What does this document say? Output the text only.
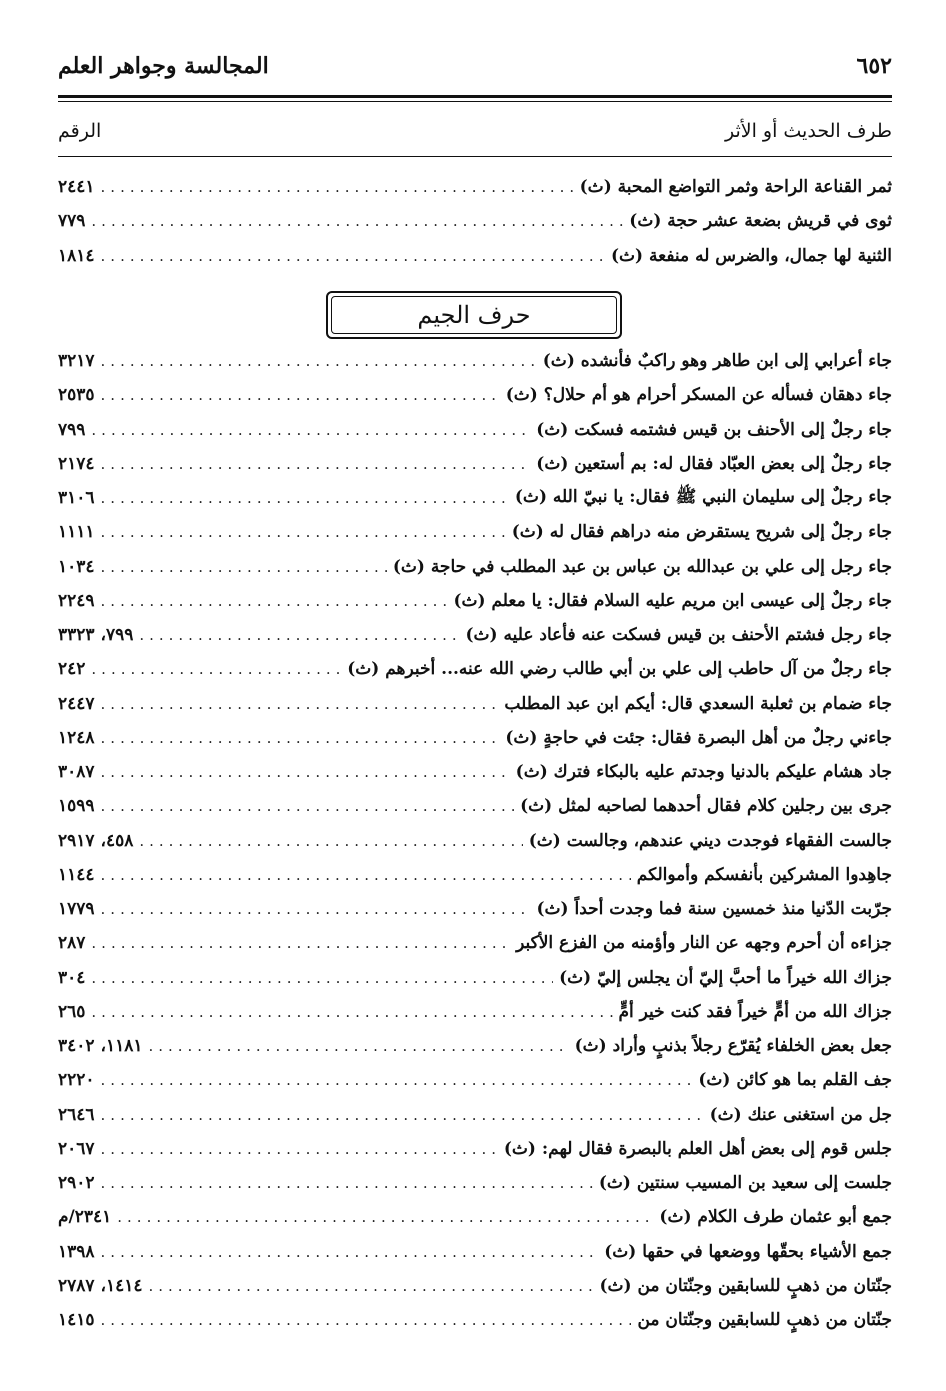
المجالسة وجواهر العلم	٦٥٢
الرقم	طرف الحديث أو الأثر
٢٤٤١ .....	ثمر القناعة الراحة وثمر التواضع المحبة (ث)
٧٧٩ .....	ثوى في قريش بضعة عشر حجة (ث)
١٨١٤ .....	الثنية لها جمال، والضرس له منفعة (ث)
حرف الجيم
٣٢١٧ .....	جاء أعرابي إلى ابن طاهر وهو راكبٌ فأنشده (ث)
٢٥٣٥ .....	جاء دهقان فسأله عن المسكر أحرام هو أم حلال؟ (ث)
٧٩٩ .....	جاء رجلٌ إلى الأحنف بن قيس فشتمه فسكت (ث)
٢١٧٤ .....	جاء رجلٌ إلى بعض العبّاد فقال له: بم أستعين (ث)
٣١٠٦ .....	جاء رجلٌ إلى سليمان النبي ﷺ فقال: يا نبيّ الله (ث)
١١١١ .....	جاء رجلٌ إلى شريح يستقرض منه دراهم فقال له (ث)
١٠٣٤ .....	جاء رجل إلى علي بن عبدالله بن عباس بن عبد المطلب في حاجة (ث)
٢٢٤٩ .....	جاء رجلٌ إلى عيسى ابن مريم عليه السلام فقال: يا معلم (ث)
٧٩٩، ٣٣٢٣ .....	جاء رجل فشتم الأحنف بن قيس فسكت عنه فأعاد عليه (ث)
٢٤٢ .....	جاء رجلٌ من آل حاطب إلى علي بن أبي طالب رضي الله عنه... أخبرهم (ث)
٢٤٤٧ .....	جاء ضمام بن ثعلبة السعدي قال: أيكم ابن عبد المطلب
١٢٤٨ .....	جاءني رجلٌ من أهل البصرة فقال: جئت في حاجةٍ (ث)
٣٠٨٧ .....	جاد هشام عليكم بالدنيا وجدتم عليه بالبكاء فترك (ث)
١٥٩٩ .....	جرى بين رجلين كلام فقال أحدهما لصاحبه لمثل (ث)
٤٥٨، ٢٩١٧ .....	جالست الفقهاء فوجدت ديني عندهم، وجالست (ث)
١١٤٤ .....	جاهِدوا المشركين بأنفسكم وأموالكم
١٧٧٩ .....	جرّبت الدّنيا منذ خمسين سنة فما وجدت أحداً (ث)
٢٨٧ .....	جزاءه أن أحرم وجهه عن النار وأؤمنه من الفزع الأكبر
٣٠٤ .....	جزاك الله خيراً ما أحبَّ إليّ أن يجلس إليّ (ث)
٢٦٥ .....	جزاك الله من أمٍّ خيراً فقد كنت خير أمٍّ
١١٨١، ٣٤٠٢ .....	جعل بعض الخلفاء يُقرّع رجلاً بذنبٍ وأراد (ث)
٢٢٢٠ .....	جف القلم بما هو كائن (ث)
٢٦٤٦ .....	جل من استغنى عنك (ث)
٢٠٦٧ .....	جلس قوم إلى بعض أهل العلم بالبصرة فقال لهم: (ث)
٢٩٠٢ .....	جلست إلى سعيد بن المسيب سنتين (ث)
٢٣٤١/م .....	جمع أبو عثمان طرف الكلام (ث)
١٣٩٨ .....	جمع الأشياء بحقّها ووضعها في حقها (ث)
١٤١٤، ٢٧٨٧ .....	جنّتان من ذهبٍ للسابقين وجنّتان من (ث)
١٤١٥ .....	جنّتان من ذهبٍ للسابقين وجنّتان من
